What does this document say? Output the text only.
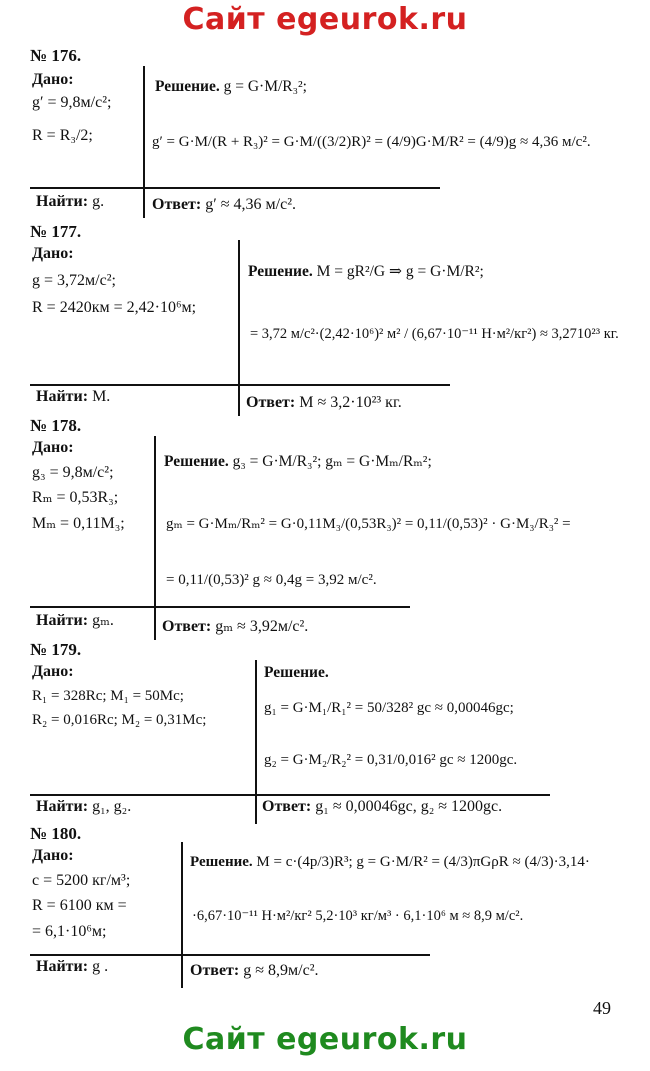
Сайт egeurok.ru
№ 176.
Дано:
g′ = 9,8м/с²;
R = R₃/2;
Решение. g = G·M/R₃²;
g′ = G·M/(R + R₃)² = G·M/((3/2)R)² = (4/9)G·M/R² = (4/9)g ≈ 4,36 м/с².
Найти: g.	Ответ: g′ ≈ 4,36 м/с².
№ 177.
Дано:
g = 3,72м/с²;
R = 2420км = 2,42·10⁶м;
Решение. M = gR²/G ⇒ g = G·M/R²;
= 3,72 м/с²·(2,42·10⁶)² м² / (6,67·10⁻¹¹ Н·м²/кг²) ≈ 3,2710²³ кг.
Найти: M.	Ответ: M ≈ 3,2·10²³ кг.
№ 178.
Дано:
g₃ = 9,8м/с²;
Rₘ = 0,53R₃;
Mₘ = 0,11M₃;
Решение. g₃ = G·M/R₃²; gₘ = G·Mₘ/Rₘ²;
gₘ = G·Mₘ/Rₘ² = G·0,11M₃/(0,53R₃)² = 0,11/(0,53)² · G·M₃/R₃² =
= 0,11/(0,53)² g ≈ 0,4g = 3,92 м/с².
Найти: gₘ.	Ответ: gₘ ≈ 3,92м/с².
№ 179.
Дано:
R₁ = 328Rс; M₁ = 50Mс;
R₂ = 0,016Rс; M₂ = 0,31Mс;
Решение.
g₁ = G·M₁/R₁² = 50/328² gс ≈ 0,00046gс;
g₂ = G·M₂/R₂² = 0,31/0,016² gс ≈ 1200gс.
Найти: g₁, g₂.	Ответ: g₁ ≈ 0,00046gс, g₂ ≈ 1200gс.
№ 180.
Дано:
с = 5200 кг/м³;
R = 6100 км =
= 6,1·10⁶м;
Решение. M = с·(4p/3)R³; g = G·M/R² = (4/3)πGρR ≈ (4/3)·3,14·
·6,67·10⁻¹¹ Н·м²/кг² 5,2·10³ кг/м³ · 6,1·10⁶ м ≈ 8,9 м/с².
Найти: g .	Ответ: g ≈ 8,9м/с².
49
Сайт egeurok.ru
